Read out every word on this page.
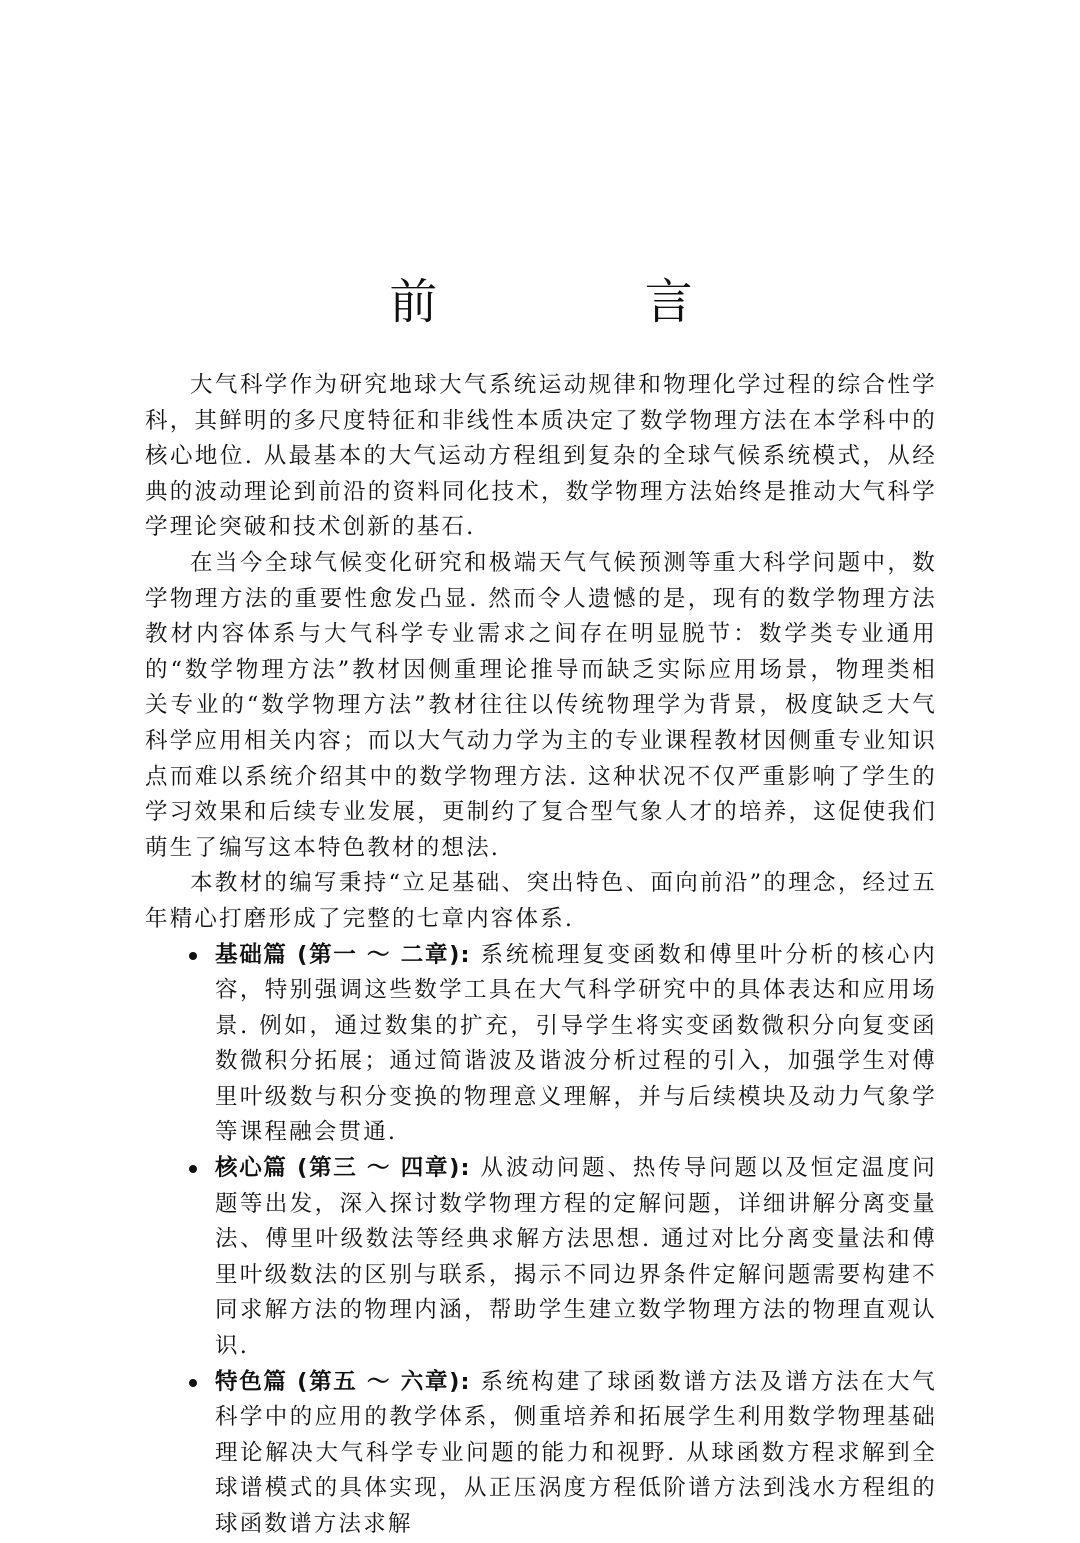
前 言

大气科学作为研究地球大气系统运动规律和物理化学过程的综合性学科，其鲜明的多尺度特征和非线性本质决定了数学物理方法在本学科中的核心地位. 从最基本的大气运动方程组到复杂的全球气候系统模式，从经典的波动理论到前沿的资料同化技术，数学物理方法始终是推动大气科学学理论突破和技术创新的基石.

在当今全球气候变化研究和极端天气气候预测等重大科学问题中，数学物理方法的重要性愈发凸显. 然而令人遗憾的是，现有的数学物理方法教材内容体系与大气科学专业需求之间存在明显脱节：数学类专业通用的“数学物理方法”教材因侧重理论推导而缺乏实际应用场景，物理类相关专业的“数学物理方法”教材往往以传统物理学为背景，极度缺乏大气科学应用相关内容；而以大气动力学为主的专业课程教材因侧重专业知识点而难以系统介绍其中的数学物理方法. 这种状况不仅严重影响了学生的学习效果和后续专业发展，更制约了复合型气象人才的培养，这促使我们萌生了编写这本特色教材的想法.

本教材的编写秉持“立足基础、突出特色、面向前沿”的理念，经过五年精心打磨形成了完整的七章内容体系.

基础篇 (第一 ～ 二章): 系统梳理复变函数和傅里叶分析的核心内容，特别强调这些数学工具在大气科学研究中的具体表达和应用场景. 例如，通过数集的扩充，引导学生将实变函数微积分向复变函数微积分拓展；通过简谐波及谐波分析过程的引入，加强学生对傅里叶级数与积分变换的物理意义理解，并与后续模块及动力气象学等课程融会贯通.
核心篇 (第三 ～ 四章): 从波动问题、热传导问题以及恒定温度问题等出发，深入探讨数学物理方程的定解问题，详细讲解分离变量法、傅里叶级数法等经典求解方法思想. 通过对比分离变量法和傅里叶级数法的区别与联系，揭示不同边界条件定解问题需要构建不同求解方法的物理内涵，帮助学生建立数学物理方法的物理直观认识.
特色篇 (第五 ～ 六章): 系统构建了球函数谱方法及谱方法在大气科学中的应用的教学体系，侧重培养和拓展学生利用数学物理基础理论解决大气科学专业问题的能力和视野. 从球函数方程求解到全球谱模式的具体实现，从正压涡度方程低阶谱方法到浅水方程组的球函数谱方法求解
